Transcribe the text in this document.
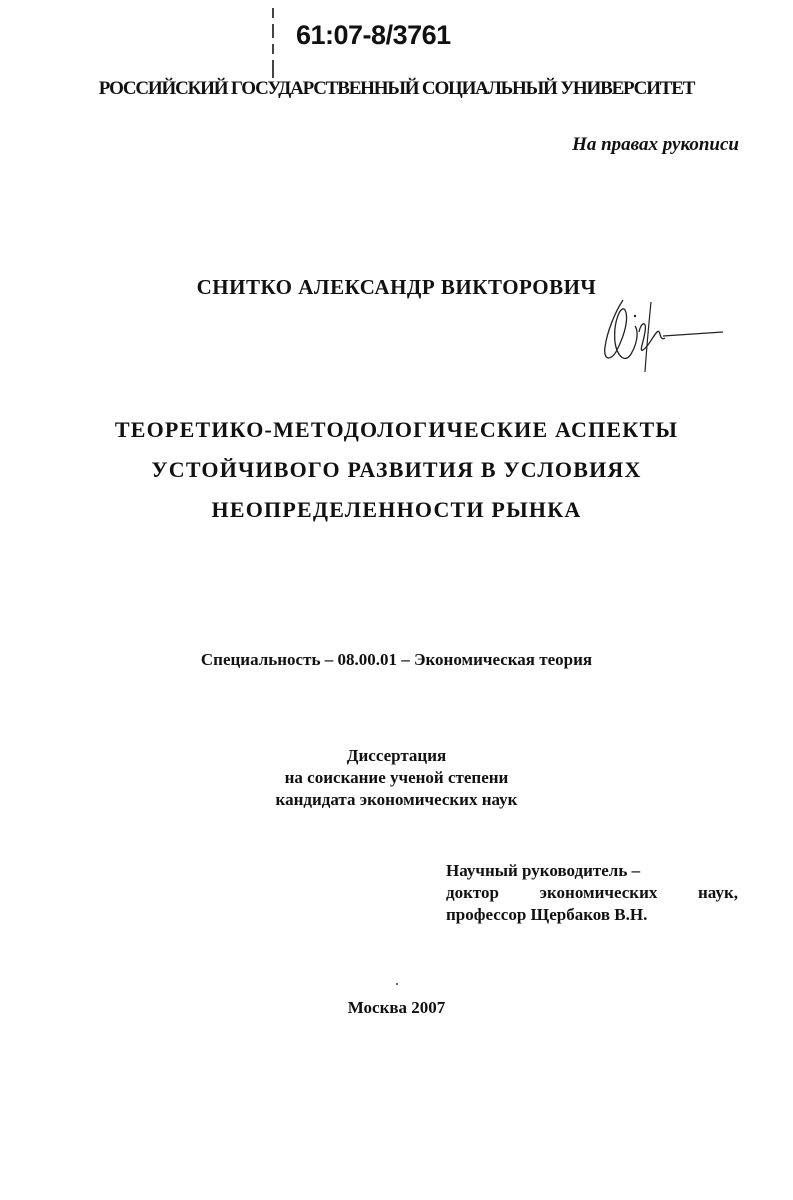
61:07-8/3761
РОССИЙСКИЙ ГОСУДАРСТВЕННЫЙ СОЦИАЛЬНЫЙ УНИВЕРСИТЕТ
На правах рукописи
СНИТКО АЛЕКСАНДР ВИКТОРОВИЧ
ТЕОРЕТИКО-МЕТОДОЛОГИЧЕСКИЕ АСПЕКТЫ
УСТОЙЧИВОГО РАЗВИТИЯ В УСЛОВИЯХ
НЕОПРЕДЕЛЕННОСТИ РЫНКА
Специальность – 08.00.01 – Экономическая теория
Диссертация
на соискание ученой степени
кандидата экономических наук
Научный руководитель –
доктор экономических наук,
профессор Щербаков В.Н.
Москва 2007
